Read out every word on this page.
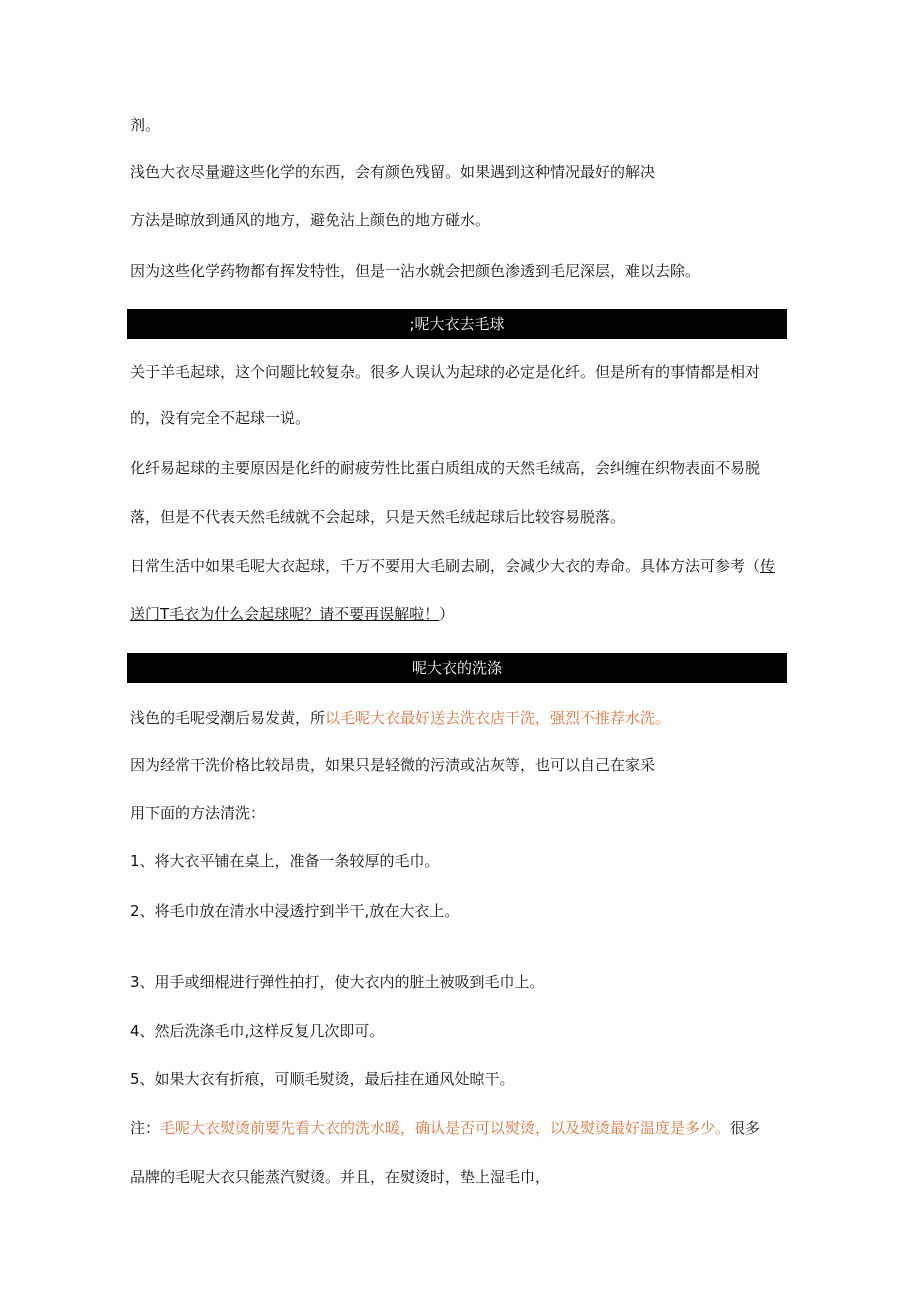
剂。
浅色大衣尽量避这些化学的东西，会有颜色残留。如果遇到这种情况最好的解决
方法是晾放到通风的地方，避免沾上颜色的地方碰水。
因为这些化学药物都有挥发特性，但是一沾水就会把颜色渗透到毛尼深层，难以去除。
;呢大衣去毛球
关于羊毛起球，这个问题比较复杂。很多人误认为起球的必定是化纤。但是所有的事情都是相对
的，没有完全不起球一说。
化纤易起球的主要原因是化纤的耐疲劳性比蛋白质组成的天然毛绒高，会纠缠在织物表面不易脱
落，但是不代表天然毛绒就不会起球，只是天然毛绒起球后比较容易脱落。
日常生活中如果毛呢大衣起球，千万不要用大毛刷去刷，会减少大衣的寿命。具体方法可参考（传
送门T毛衣为什么会起球呢？请不要再误解啦！）
呢大衣的洗涤
浅色的毛呢受潮后易发黄，所以毛呢大衣最好送去洗衣店干洗，强烈不推荐水洗。
因为经常干洗价格比较昂贵，如果只是轻微的污渍或沾灰等，也可以自己在家采
用下面的方法清洗：
1、将大衣平铺在桌上，准备一条较厚的毛巾。
2、将毛巾放在清水中浸透拧到半干,放在大衣上。
3、用手或细棍进行弹性拍打，使大衣内的脏土被吸到毛巾上。
4、然后洗涤毛巾,这样反复几次即可。
5、如果大衣有折痕，可顺毛熨烫，最后挂在通风处晾干。
注：毛呢大衣熨烫前要先看大衣的洗水暖，确认是否可以熨烫，以及熨烫最好温度是多少。很多
品牌的毛呢大衣只能蒸汽熨烫。并且，在熨烫时，垫上湿毛巾，
